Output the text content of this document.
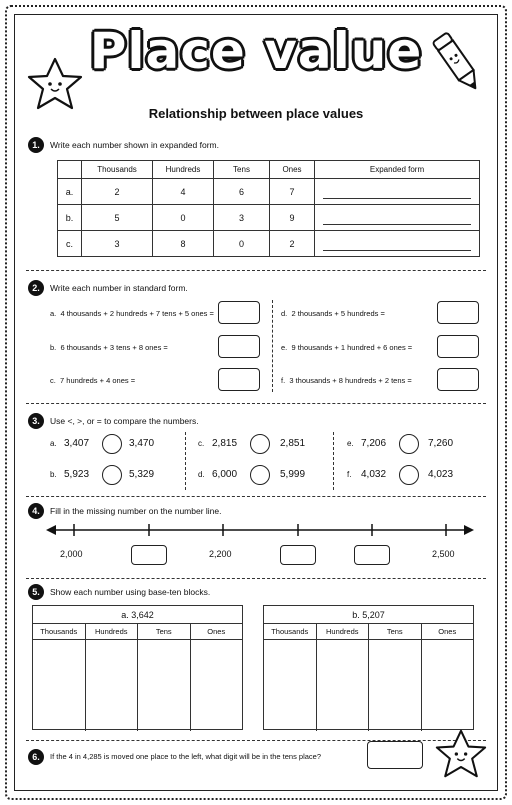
Place value
Relationship between place values
1.	Write each number shown in expanded form.
	Thousands	Hundreds	Tens	Ones	Expanded form
a.	2	4	6	7	

b.	5	0	3	9	

c.	3	8	0	2	
2.	Write each number in standard form.
a. 4 thousands + 2 hundreds + 7 tens + 5 ones =
b. 6 thousands + 3 tens + 8 ones =
c. 7 hundreds + 4 ones =
d. 2 thousands + 5 hundreds =
e. 9 thousands + 1 hundred + 6 ones =
f. 3 thousands + 8 hundreds + 2 tens =
3.	Use <, >, or = to compare the numbers.
a. 3,407	3,470
b. 5,923	5,329
c. 2,815	2,851
d. 6,000	5,999
e. 7,206	7,260
f. 4,032	4,023
4.	Fill in the missing number on the number line.
2,000	2,200	2,500
5.	Show each number using base-ten blocks.
a. 3,642
Thousands	Hundreds	Tens	Ones
b. 5,207
Thousands	Hundreds	Tens	Ones
6.	If the 4 in 4,285 is moved one place to the left, what digit will be in the tens place?
